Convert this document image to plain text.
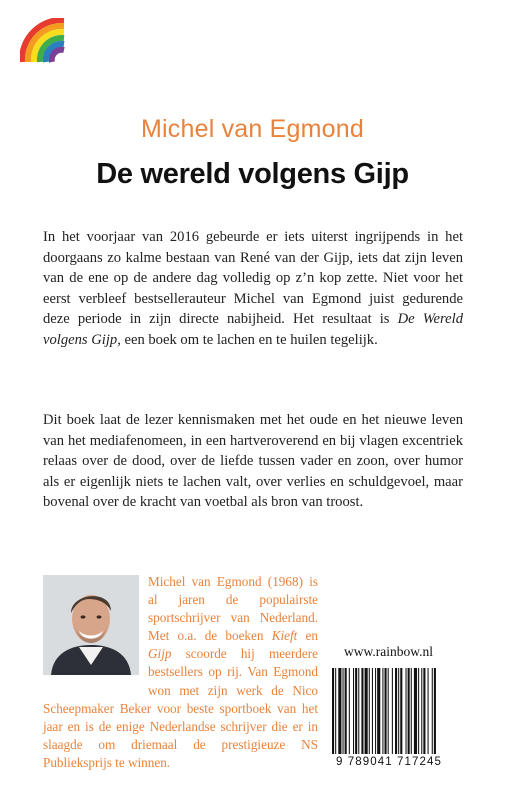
Michel van Egmond
De wereld volgens Gijp
In het voorjaar van 2016 gebeurde er iets uiterst ingrijpends in het doorgaans zo kalme bestaan van René van der Gijp, iets dat zijn leven van de ene op de andere dag volledig op z’n kop zette. Niet voor het eerst verbleef bestsellerauteur Michel van Egmond juist gedurende deze periode in zijn directe nabijheid. Het resultaat is De Wereld volgens Gijp, een boek om te lachen en te huilen tegelijk.
Dit boek laat de lezer kennismaken met het oude en het nieuwe leven van het mediafenomeen, in een hartveroverend en bij vlagen excentriek relaas over de dood, over de liefde tussen vader en zoon, over humor als er eigenlijk niets te lachen valt, over verlies en schuldgevoel, maar bovenal over de kracht van voetbal als bron van troost.
Michel van Egmond (1968) is al jaren de populairste sportschrijver van Nederland. Met o.a. de boeken Kieft en Gijp scoorde hij meerdere bestsellers op rij. Van Egmond won met zijn werk de Nico Scheepmaker Beker voor beste sportboek van het jaar en is de enige Nederlandse schrijver die er in slaagde om driemaal de prestigieuze NS Publieksprijs te winnen.
www.rainbow.nl
9 789041 717245
